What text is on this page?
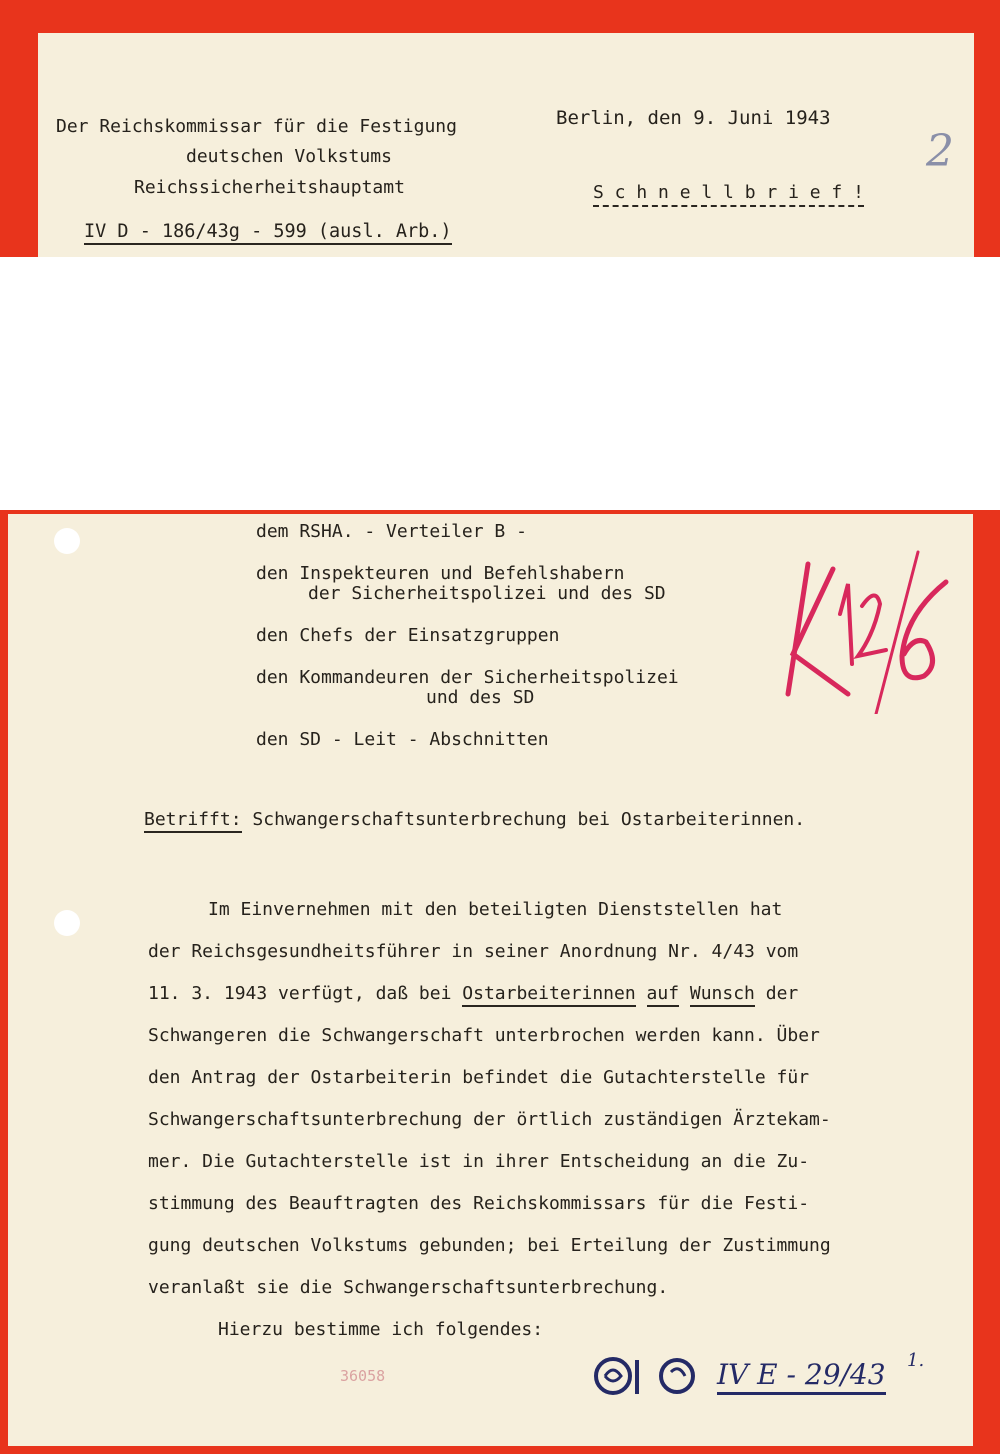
Der Reichskommissar für die Festigung
deutschen Volkstums
Reichssicherheitshauptamt
IV D - 186/43g - 599 (ausl. Arb.)
Berlin, den 9. Juni 1943
S c h n e l l b r i e f !
2
dem RSHA. - Verteiler B -
den Inspekteuren und Befehlshabern
der Sicherheitspolizei und des SD
den Chefs der Einsatzgruppen
den Kommandeuren der Sicherheitspolizei
und des SD
den SD - Leit - Abschnitten
Betrifft: Schwangerschaftsunterbrechung bei Ostarbeiterinnen.
Im Einvernehmen mit den beteiligten Dienststellen hat
der Reichsgesundheitsführer in seiner Anordnung Nr. 4/43 vom
11. 3. 1943 verfügt, daß bei Ostarbeiterinnen auf Wunsch der
Schwangeren die Schwangerschaft unterbrochen werden kann. Über
den Antrag der Ostarbeiterin befindet die Gutachterstelle für
Schwangerschaftsunterbrechung der örtlich zuständigen Ärztekam-
mer. Die Gutachterstelle ist in ihrer Entscheidung an die Zu-
stimmung des Beauftragten des Reichskommissars für die Festi-
gung deutschen Volkstums gebunden; bei Erteilung der Zustimmung
veranlaßt sie die Schwangerschaftsunterbrechung.
Hierzu bestimme ich folgendes:
36058	IV E - 29/43 1.
